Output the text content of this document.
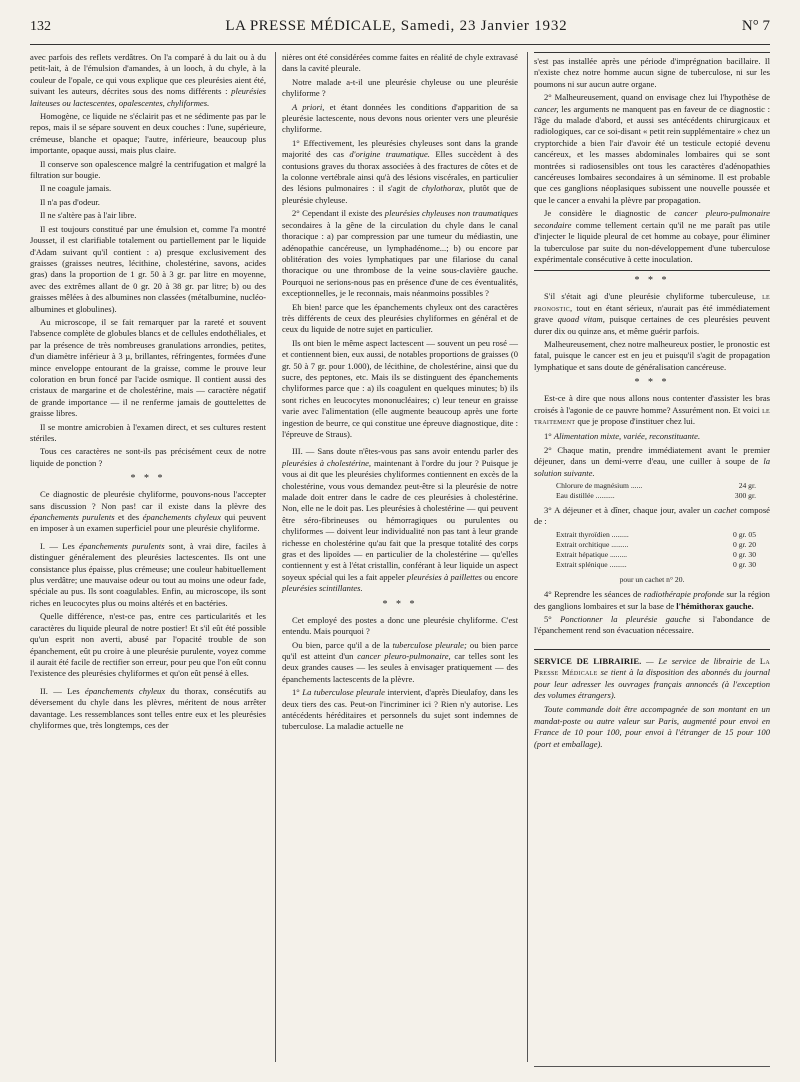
132	LA PRESSE MÉDICALE, Samedi, 23 Janvier 1932	N° 7

avec parfois des reflets verdâtres. On l'a comparé à du lait ou à du petit-lait, à de l'émulsion d'amandes, à un looch, à du chyle, à la couleur de l'opale, ce qui vous explique que ces pleurésies aient été, suivant les auteurs, décrites sous des noms différents : pleurésies laiteuses ou lactescentes, opalescentes, chyliformes.

Homogène, ce liquide ne s'éclairit pas et ne sédimente pas par le repos, mais il se sépare souvent en deux couches : l'une, supérieure, crémeuse, blanche et opaque; l'autre, inférieure, beaucoup plus importante, opaque aussi, mais plus claire.

Il conserve son opalescence malgré la centrifugation et malgré la filtration sur bougie.

Il ne coagule jamais.

Il n'a pas d'odeur.

Il ne s'altère pas à l'air libre.

Il est toujours constitué par une émulsion et, comme l'a montré Jousset, il est clarifiable totalement ou partiellement par le liquide d'Adam suivant qu'il contient : a) presque exclusivement des graisses (graisses neutres, lécithine, cholestérine, savons, acides gras) dans la proportion de 1 gr. 50 à 3 gr. par litre en moyenne, avec des extrêmes allant de 0 gr. 20 à 38 gr. par litre; b) ou des graisses mêlées à des albumines non classées (métalbumine, nucléo-albumines et globulines).

Au microscope, il se fait remarquer par la rareté et souvent l'absence complète de globules blancs et de cellules endothéliales, et par la présence de très nombreuses granulations arrondies, petites, d'un diamètre inférieur à 3 µ, brillantes, réfringentes, formées d'une mince enveloppe entourant de la graisse, comme le prouve leur coloration en brun foncé par l'acide osmique. Il contient aussi des cristaux de margarine et de cholestérine, mais — caractère négatif de grande importance — il ne renferme jamais de gouttelettes de graisse libres.

Il se montre amicrobien à l'examen direct, et ses cultures restent stériles.

Tous ces caractères ne sont-ils pas précisément ceux de notre liquide de ponction ?

* * *

Ce diagnostic de pleurésie chyliforme, pouvons-nous l'accepter sans discussion ? Non pas! car il existe dans la plèvre des épanchements purulents et des épanchements chyleux qui peuvent en imposer à un examen superficiel pour une pleurésie chyliforme.

I. — Les épanchements purulents sont, à vrai dire, faciles à distinguer généralement des pleurésies lactescentes. Ils ont une consistance plus épaisse, plus crémeuse; une couleur habituellement plus verdâtre; une mauvaise odeur ou tout au moins une odeur fade, spéciale au pus. Ils sont coagulables. Enfin, au microscope, ils sont riches en leucocytes plus ou moins altérés et en bactéries.

Quelle différence, n'est-ce pas, entre ces particularités et les caractères du liquide pleural de notre postier! Et s'il eût été possible qu'un esprit non averti, abusé par l'opacité trouble de son épanchement, eût pu croire à une pleurésie purulente, voyez comme il aurait été facile de rectifier son erreur, pour peu que l'on eût connu l'existence des pleurésies chyliformes et qu'on eût pensé à elles.

II. — Les épanchements chyleux du thorax, consécutifs au déversement du chyle dans les plèvres, méritent de nous arrêter davantage. Les ressemblances sont telles entre eux et les pleurésies chyliformes que, très longtemps, ces der

nières ont été considérées comme faites en réalité de chyle extravasé dans la cavité pleurale.

Notre malade a-t-il une pleurésie chyleuse ou une pleurésie chyliforme ?

A priori, et étant données les conditions d'apparition de sa pleurésie lactescente, nous devons nous orienter vers une pleurésie chyliforme.

1° Effectivement, les pleurésies chyleuses sont dans la grande majorité des cas d'origine traumatique. Elles succèdent à des contusions graves du thorax associées à des fractures de côtes et de la colonne vertébrale ainsi qu'à des lésions viscérales, en particulier des lésions pulmonaires : il s'agit de chylothorax, plutôt que de pleurésie chyleuse.

2° Cependant il existe des pleurésies chyleuses non traumatiques secondaires à la gêne de la circulation du chyle dans le canal thoracique : a) par compression par une tumeur du médiastin, une adénopathie cancéreuse, un lymphadénome...; b) ou encore par oblitération des voies lymphatiques par une filariose du canal thoracique ou une thrombose de la veine sous-clavière gauche. Pourquoi ne serions-nous pas en présence d'une de ces éventualités, exceptionnelles, je le reconnais, mais néanmoins possibles ?

Eh bien! parce que les épanchements chyleux ont des caractères très différents de ceux des pleurésies chyliformes en général et de ceux du liquide de notre sujet en particulier.

Ils ont bien le même aspect lactescent — souvent un peu rosé — et contiennent bien, eux aussi, de notables proportions de graisses (0 gr. 50 à 7 gr. pour 1.000), de lécithine, de cholestérine, ainsi que du sucre, des peptones, etc. Mais ils se distinguent des épanchements chyliformes parce que : a) ils coagulent en quelques minutes; b) ils sont riches en leucocytes mononucléaires; c) leur teneur en graisse varie avec l'alimentation (elle augmente beaucoup après une forte ingestion de beurre, ce qui constitue une épreuve diagnostique, dite : l'épreuve de Straus).

III. — Sans doute n'êtes-vous pas sans avoir entendu parler des pleurésies à cholestérine, maintenant à l'ordre du jour ? Puisque je vous ai dit que les pleurésies chyliformes contiennent en excès de la cholestérine, vous vous demandez peut-être si la pleurésie de notre malade doit entrer dans le cadre de ces pleurésies à cholestérine. Non, elle ne le doit pas. Les pleurésies à cholestérine — qui peuvent être séro-fibrineuses ou hémorragiques ou purulentes ou chyliformes — doivent leur individualité non pas tant à leur grande richesse en cholestérine qu'au fait que la presque totalité des corps gras et des lipoïdes — en particulier de la cholestérine — qu'elles contiennent y est à l'état cristallin, conférant à leur liquide un aspect soyeux spécial qui les a fait appeler pleurésies à paillettes ou encore pleurésies scintillantes.

* * *

Cet employé des postes a donc une pleurésie chyliforme. C'est entendu. Mais pourquoi ?

Ou bien, parce qu'il a de la tuberculose pleurale; ou bien parce qu'il est atteint d'un cancer pleuro-pulmonaire, car telles sont les deux grandes causes — les seules à envisager pratiquement — des épanchements lactescents de la plèvre.

1° La tuberculose pleurale intervient, d'après Dieulafoy, dans les deux tiers des cas. Peut-on l'incriminer ici ? Rien n'y autorise. Les antécédents héréditaires et personnels du sujet sont indemnes de tuberculose. La maladie actuelle ne

s'est pas installée après une période d'imprégnation bacillaire. Il n'existe chez notre homme aucun signe de tuberculose, ni sur les poumons ni sur aucun autre organe.

2° Malheureusement, quand on envisage chez lui l'hypothèse de cancer, les arguments ne manquent pas en faveur de ce diagnostic : l'âge du malade d'abord, et aussi ses antécédents chirurgicaux et radiologiques, car ce soi-disant « petit rein supplémentaire » chez un cryptorchide a bien l'air d'avoir été un testicule ectopié devenu cancéreux, et les masses abdominales lombaires qui se sont montrées si radiosensibles ont tous les caractères d'adénopathies cancéreuses lombaires secondaires à un séminome. Il est probable que ces ganglions néoplasiques subissent une nouvelle poussée et que le cancer a envahi la plèvre par propagation.

Je considère le diagnostic de cancer pleuro-pulmonaire secondaire comme tellement certain qu'il ne me paraît pas utile d'injecter le liquide pleural de cet homme au cobaye, pour éliminer la tuberculose par suite du non-développement d'une tuberculose expérimentale consécutive à cette inoculation.

* * *

S'il s'était agi d'une pleurésie chyliforme tuberculeuse, le pronostic, tout en étant sérieux, n'aurait pas été immédiatement grave quoad vitam, puisque certaines de ces pleurésies peuvent durer dix ou quinze ans, et même guérir parfois.

Malheureusement, chez notre malheureux postier, le pronostic est fatal, puisque le cancer est en jeu et puisqu'il s'agit de propagation lymphatique et sans doute de généralisation cancéreuse.

* * *

Est-ce à dire que nous allons nous contenter d'assister les bras croisés à l'agonie de ce pauvre homme? Assurément non. Et voici le traitement que je propose d'instituer chez lui.

1° Alimentation mixte, variée, reconstituante.

2° Chaque matin, prendre immédiatement avant le premier déjeuner, dans un demi-verre d'eau, une cuiller à soupe de la solution suivante.

Chlorure de magnésium ......	24 gr.
Eau distillée ..........	300 gr.

3° A déjeuner et à dîner, chaque jour, avaler un cachet composé de :

Extrait thyroïdien .........	0 gr. 05
Extrait orchitique .........	0 gr. 20
Extrait hépatique .........	0 gr. 30
Extrait splénique .........	0 gr. 30
pour un cachet n° 20.

4° Reprendre les séances de radiothérapie profonde sur la région des ganglions lombaires et sur la base de l'hémithorax gauche.

5° Ponctionner la pleurésie gauche si l'abondance de l'épanchement rend son évacuation nécessaire.

SERVICE DE LIBRAIRIE. — Le service de librairie de La Presse Médicale se tient à la disposition des abonnés du journal pour leur adresser les ouvrages français annoncés (à l'exception des volumes étrangers).

Toute commande doit être accompagnée de son montant en un mandat-poste ou autre valeur sur Paris, augmenté pour envoi en France de 10 pour 100, pour envoi à l'étranger de 15 pour 100 (port et emballage).
